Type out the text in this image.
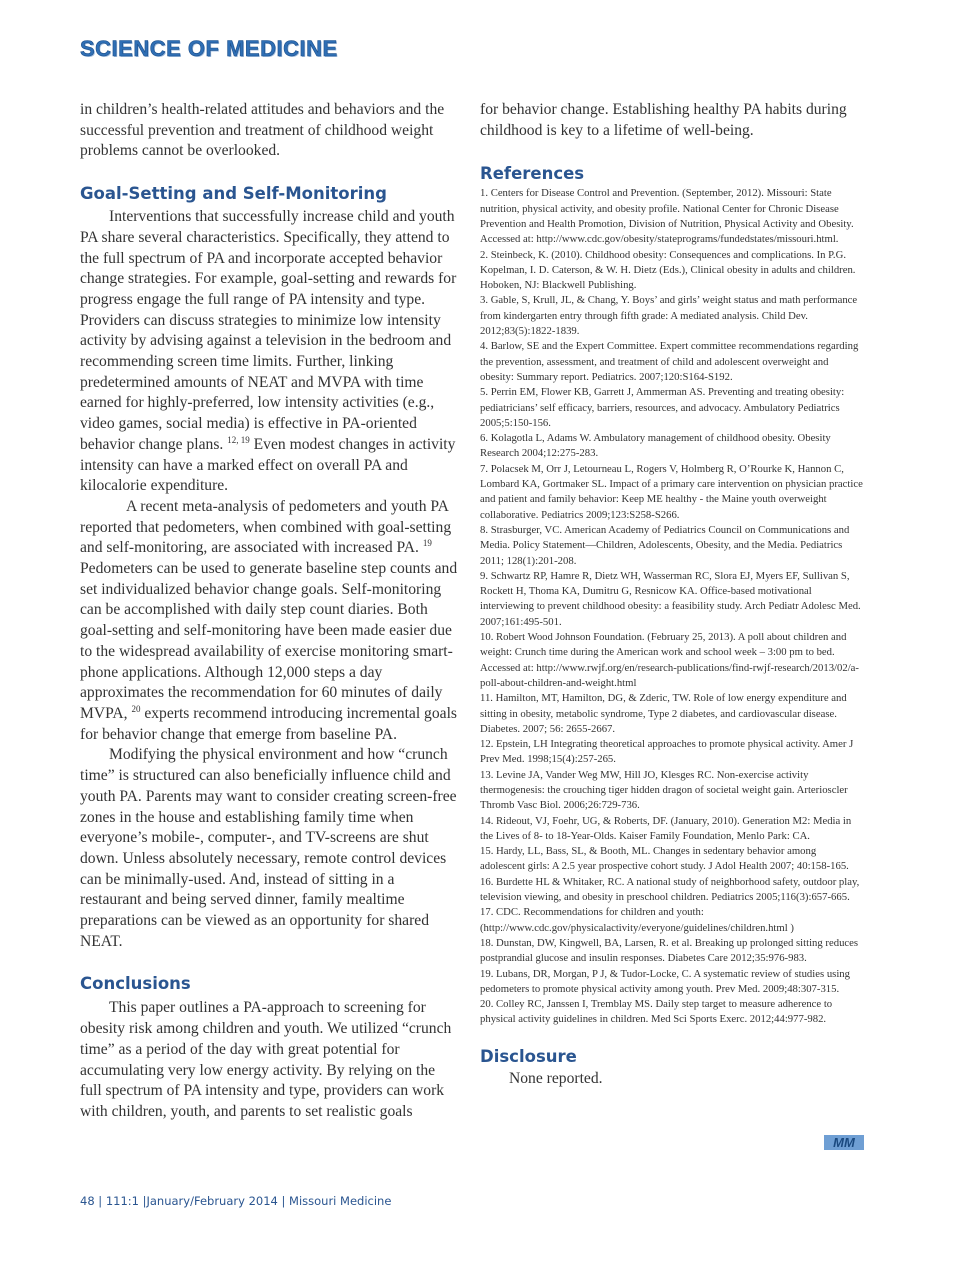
SCIENCE OF MEDICINE

in children’s health-related attitudes and behaviors and the successful prevention and treatment of childhood weight problems cannot be overlooked.

Goal-Setting and Self-Monitoring

Interventions that successfully increase child and youth PA share several characteristics. Specifically, they attend to the full spectrum of PA and incorporate accepted behavior change strategies. For example, goal-setting and rewards for progress engage the full range of PA intensity and type. Providers can discuss strategies to minimize low intensity activity by advising against a television in the bedroom and recommending screen time limits. Further, linking predetermined amounts of NEAT and MVPA with time earned for highly-preferred, low intensity activities (e.g., video games, social media) is effective in PA-oriented behavior change plans. $^{12, 19}$ Even modest changes in activity intensity can have a marked effect on overall PA and kilocalorie expenditure.

A recent meta-analysis of pedometers and youth PA reported that pedometers, when combined with goal-setting and self-monitoring, are associated with increased PA. $^{19}$ Pedometers can be used to generate baseline step counts and set individualized behavior change goals. Self-monitoring can be accomplished with daily step count diaries. Both goal-setting and self-monitoring have been made easier due to the widespread availability of exercise monitoring smart-phone applications. Although 12,000 steps a day approximates the recommendation for 60 minutes of daily MVPA, $^{20}$ experts recommend introducing incremental goals for behavior change that emerge from baseline PA.

Modifying the physical environment and how “crunch time” is structured can also beneficially influence child and youth PA. Parents may want to consider creating screen-free zones in the house and establishing family time when everyone’s mobile-, computer-, and TV-screens are shut down. Unless absolutely necessary, remote control devices can be minimally-used. And, instead of sitting in a restaurant and being served dinner, family mealtime preparations can be viewed as an opportunity for shared NEAT.

Conclusions

This paper outlines a PA-approach to screening for obesity risk among children and youth. We utilized “crunch time” as a period of the day with great potential for accumulating very low energy activity. By relying on the full spectrum of PA intensity and type, providers can work with children, youth, and parents to set realistic goals

for behavior change. Establishing healthy PA habits during childhood is key to a lifetime of well-being.

References

1. Centers for Disease Control and Prevention. (September, 2012). Missouri: State nutrition, physical activity, and obesity profile. National Center for Chronic Disease Prevention and Health Promotion, Division of Nutrition, Physical Activity and Obesity. Accessed at: http://www.cdc.gov/obesity/stateprograms/fundedstates/missouri.html.

2. Steinbeck, K. (2010). Childhood obesity: Consequences and complications. In P.G. Kopelman, I. D. Caterson, & W. H. Dietz (Eds.), Clinical obesity in adults and children. Hoboken, NJ: Blackwell Publishing.

3. Gable, S, Krull, JL, & Chang, Y. Boys’ and girls’ weight status and math performance from kindergarten entry through fifth grade: A mediated analysis. Child Dev. 2012;83(5):1822-1839.

4. Barlow, SE and the Expert Committee. Expert committee recommendations regarding the prevention, assessment, and treatment of child and adolescent overweight and obesity: Summary report. Pediatrics. 2007;120:S164-S192.

5. Perrin EM, Flower KB, Garrett J, Ammerman AS. Preventing and treating obesity: pediatricians’ self efficacy, barriers, resources, and advocacy. Ambulatory Pediatrics 2005;5:150-156.

6. Kolagotla L, Adams W. Ambulatory management of childhood obesity. Obesity Research 2004;12:275-283.

7. Polacsek M, Orr J, Letourneau L, Rogers V, Holmberg R, O’Rourke K, Hannon C, Lombard KA, Gortmaker SL. Impact of a primary care intervention on physician practice and patient and family behavior: Keep ME healthy - the Maine youth overweight collaborative. Pediatrics 2009;123:S258-S266.

8. Strasburger, VC. American Academy of Pediatrics Council on Communications and Media. Policy Statement—Children, Adolescents, Obesity, and the Media. Pediatrics 2011; 128(1):201-208.

9. Schwartz RP, Hamre R, Dietz WH, Wasserman RC, Slora EJ, Myers EF, Sullivan S, Rockett H, Thoma KA, Dumitru G, Resnicow KA. Office-based motivational interviewing to prevent childhood obesity: a feasibility study. Arch Pediatr Adolesc Med. 2007;161:495-501.

10. Robert Wood Johnson Foundation. (February 25, 2013). A poll about children and weight: Crunch time during the American work and school week – 3:00 pm to bed. Accessed at: http://www.rwjf.org/en/research-publications/find-rwjf-research/2013/02/a-poll-about-children-and-weight.html

11. Hamilton, MT, Hamilton, DG, & Zderic, TW. Role of low energy expenditure and sitting in obesity, metabolic syndrome, Type 2 diabetes, and cardiovascular disease. Diabetes. 2007; 56: 2655-2667.

12. Epstein, LH Integrating theoretical approaches to promote physical activity. Amer J Prev Med. 1998;15(4):257-265.

13. Levine JA, Vander Weg MW, Hill JO, Klesges RC. Non-exercise activity thermogenesis: the crouching tiger hidden dragon of societal weight gain. Arterioscler Thromb Vasc Biol. 2006;26:729-736.

14. Rideout, VJ, Foehr, UG, & Roberts, DF. (January, 2010). Generation M2: Media in the Lives of 8- to 18-Year-Olds. Kaiser Family Foundation, Menlo Park: CA.

15. Hardy, LL, Bass, SL, & Booth, ML. Changes in sedentary behavior among adolescent girls: A 2.5 year prospective cohort study. J Adol Health 2007; 40:158-165.

16. Burdette HL & Whitaker, RC. A national study of neighborhood safety, outdoor play, television viewing, and obesity in preschool children. Pediatrics 2005;116(3):657-665.

17. CDC. Recommendations for children and youth: (http://www.cdc.gov/physicalactivity/everyone/guidelines/children.html )

18. Dunstan, DW, Kingwell, BA, Larsen, R. et al. Breaking up prolonged sitting reduces postprandial glucose and insulin responses. Diabetes Care 2012;35:976-983.

19. Lubans, DR, Morgan, P J, & Tudor-Locke, C. A systematic review of studies using pedometers to promote physical activity among youth. Prev Med. 2009;48:307-315.

20. Colley RC, Janssen I, Tremblay MS. Daily step target to measure adherence to physical activity guidelines in children. Med Sci Sports Exerc. 2012;44:977-982.

Disclosure

None reported.

MM
48 | 111:1 |January/February 2014 | Missouri Medicine
